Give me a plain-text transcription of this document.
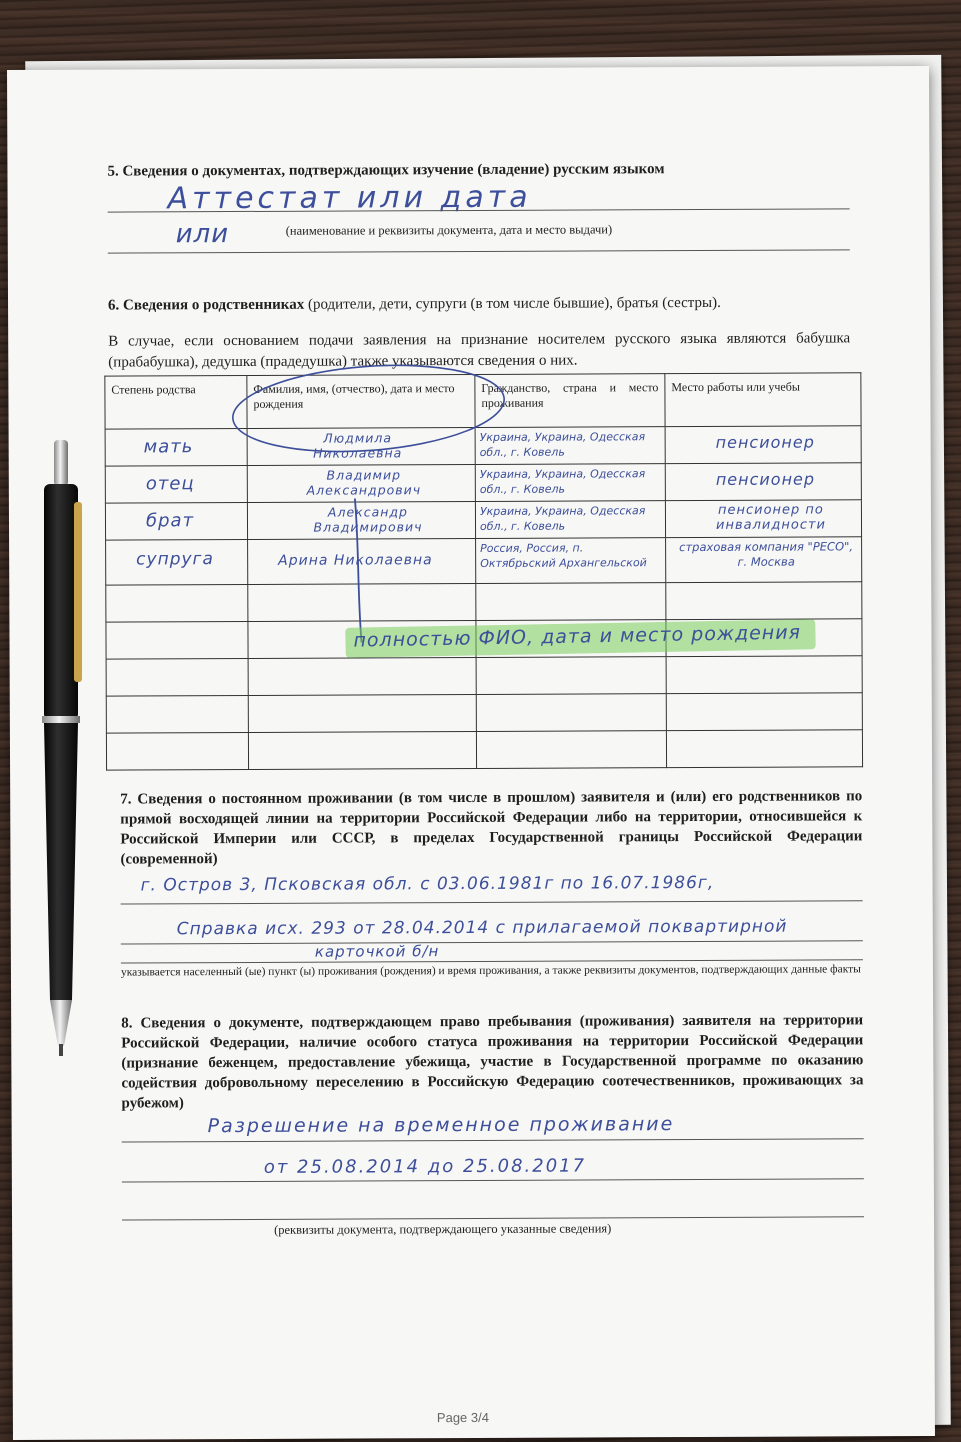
5. Сведения о документах, подтверждающих изучение (владение) русским языком
Аттестат или дата
или	(наименование и реквизиты документа, дата и место выдачи)
6. Сведения о родственниках (родители, дети, супруги (в том числе бывшие), братья (сестры).
В случае, если основанием подачи заявления на признание носителем русского языка являются бабушка (прабабушка), дедушка (прадедушка) также указываются сведения о них.
Степень родства	Фамилия, имя, (отчество), дата и место рождения	Гражданство, страна и место проживания	Место работы или учебы

мать	Людмила Николаевна	Украина, Украина, Одесская обл., г. Ковель	пенсионер

отец	Владимир Александрович	Украина, Украина, Одесская обл., г. Ковель	пенсионер

брат	Александр Владимирович	Украина, Украина, Одесская обл., г. Ковель	пенсионер по инвалидности

супруга	Арина Николаевна	Россия, Россия, п. Октябрьский Архангельской	страховая компания "РЕСО", г. Москва

полностью ФИО, дата и место рождения
7. Сведения о постоянном проживании (в том числе в прошлом) заявителя и (или) его родственников по прямой восходящей линии на территории Российской Федерации либо на территории, относившейся к Российской Империи или СССР, в пределах Государственной границы Российской Федерации (современной)
г. Остров 3, Псковская обл. с 03.06.1981г по 16.07.1986г,
Справка исх. 293 от 28.04.2014 с прилагаемой поквартирной
карточкой б/н
указывается населенный (ые) пункт (ы) проживания (рождения) и время проживания, а также реквизиты документов, подтверждающих данные факты
8. Сведения о документе, подтверждающем право пребывания (проживания) заявителя на территории Российской Федерации, наличие особого статуса проживания на территории Российской Федерации (признание беженцем, предоставление убежища, участие в Государственной программе по оказанию содействия добровольному переселению в Российскую Федерацию соотечественников, проживающих за рубежом)
Разрешение на временное проживание
от 25.08.2014 до 25.08.2017
(реквизиты документа, подтверждающего указанные сведения)
Page 3/4
